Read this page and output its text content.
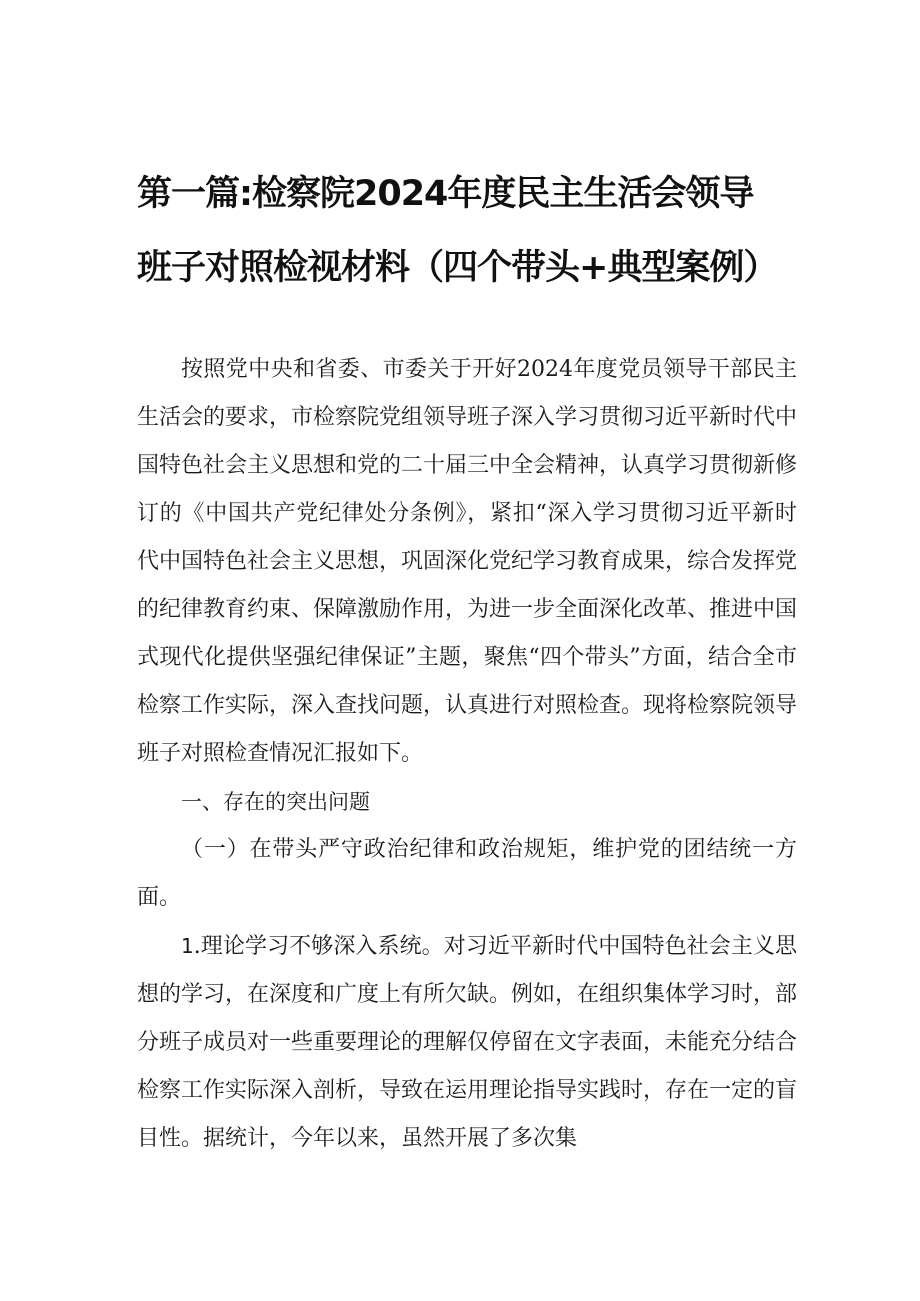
第一篇:检察院2024年度民主生活会领导
班子对照检视材料（四个带头+典型案例）

按照党中央和省委、市委关于开好2024年度党员领导干部民主生活会的要求，市检察院党组领导班子深入学习贯彻习近平新时代中国特色社会主义思想和党的二十届三中全会精神，认真学习贯彻新修订的《中国共产党纪律处分条例》，紧扣“深入学习贯彻习近平新时代中国特色社会主义思想，巩固深化党纪学习教育成果，综合发挥党的纪律教育约束、保障激励作用，为进一步全面深化改革、推进中国式现代化提供坚强纪律保证”主题，聚焦“四个带头”方面，结合全市检察工作实际，深入查找问题，认真进行对照检查。现将检察院领导班子对照检查情况汇报如下。

一、存在的突出问题

（一）在带头严守政治纪律和政治规矩，维护党的团结统一方面。

1.理论学习不够深入系统。对习近平新时代中国特色社会主义思想的学习，在深度和广度上有所欠缺。例如，在组织集体学习时，部分班子成员对一些重要理论的理解仅停留在文字表面，未能充分结合检察工作实际深入剖析，导致在运用理论指导实践时，存在一定的盲目性。据统计，今年以来，虽然开展了多次集
